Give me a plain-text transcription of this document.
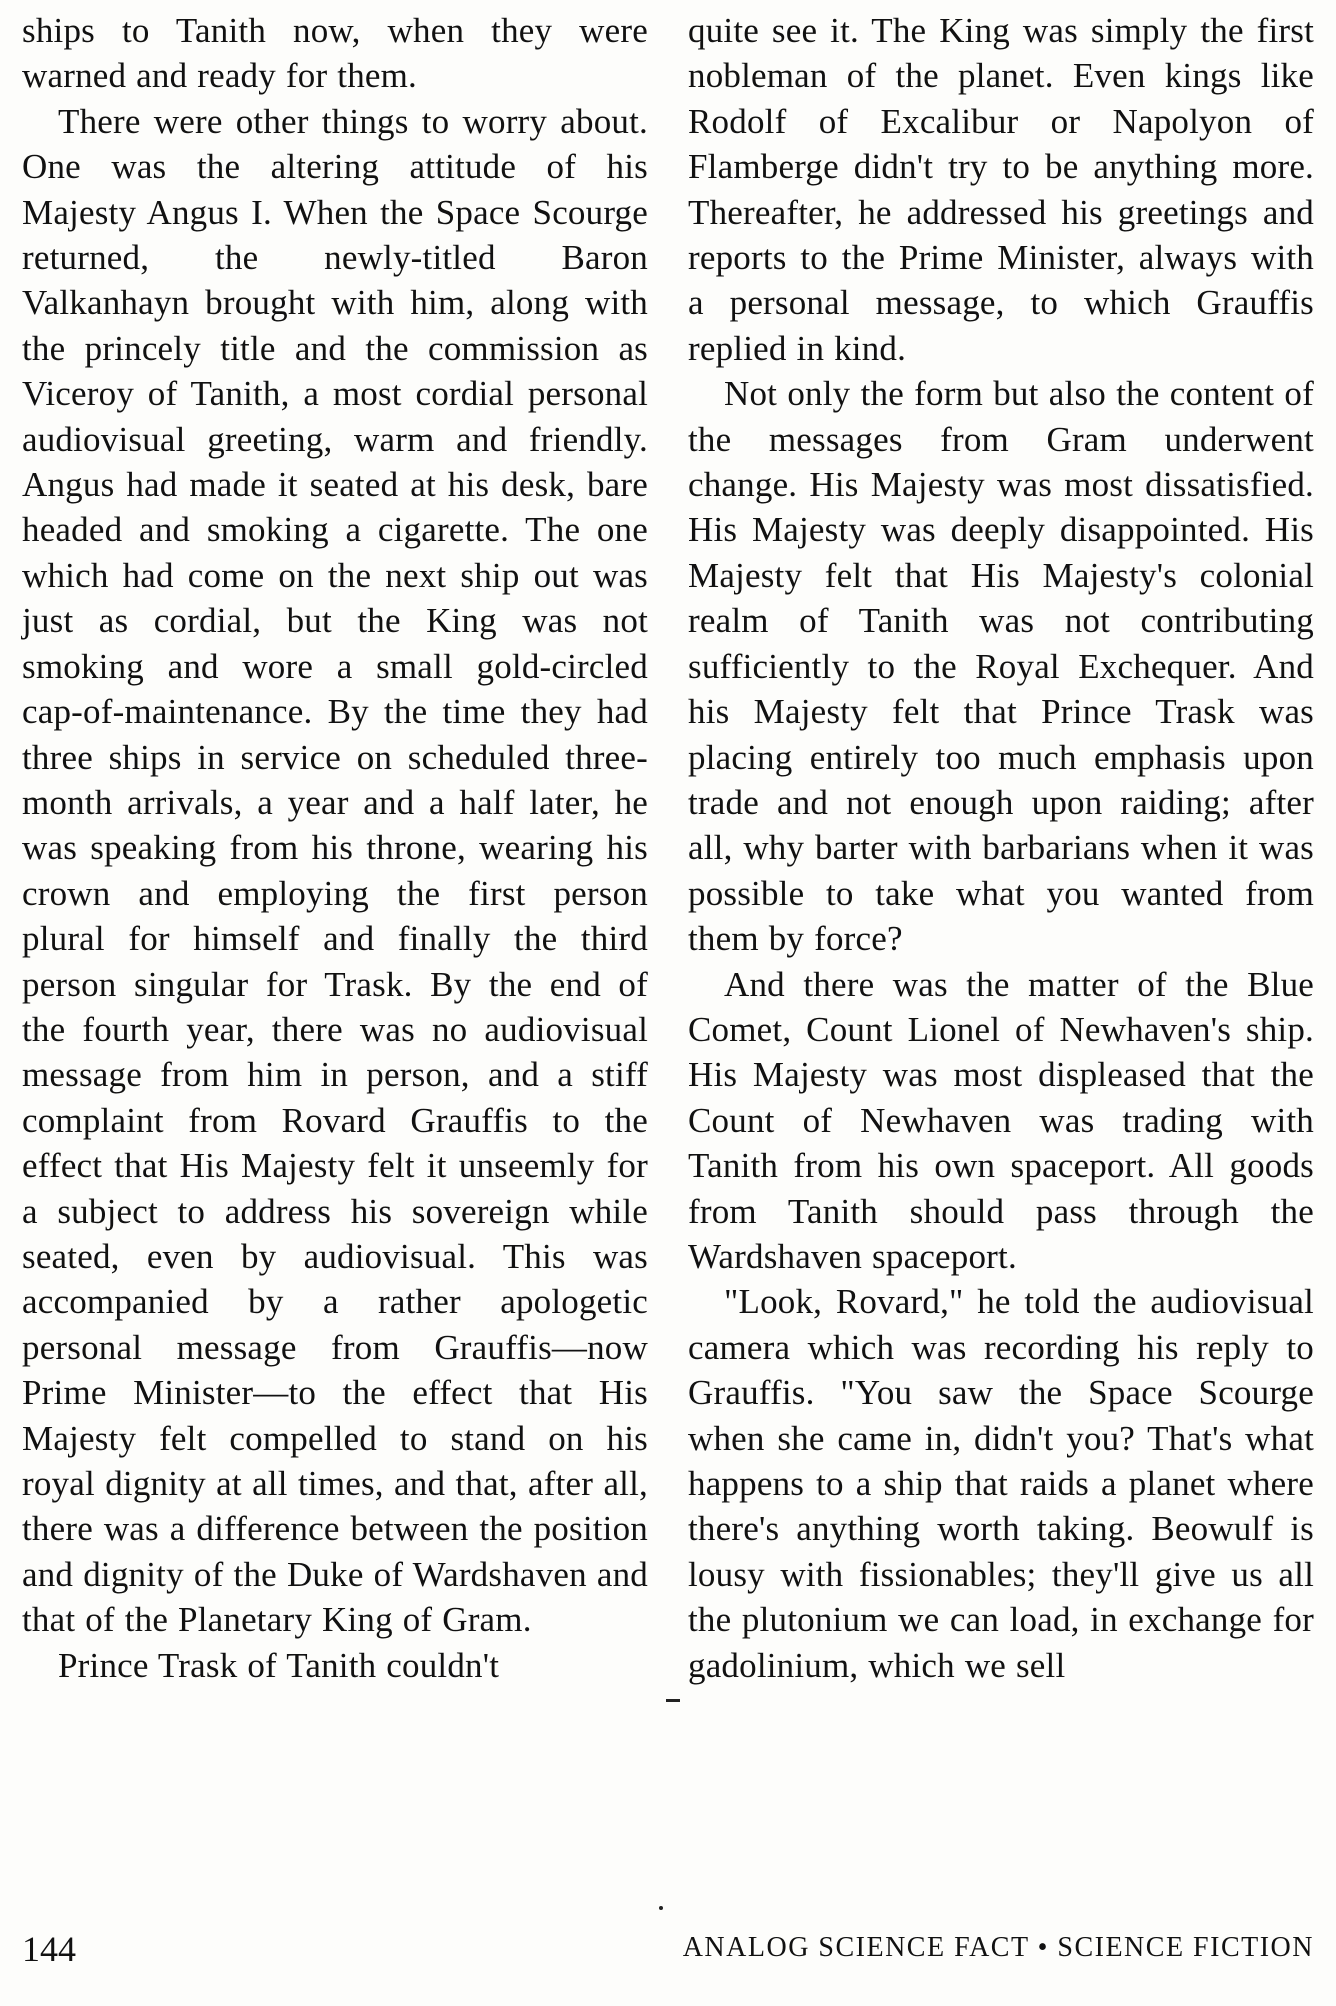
ships to Tanith now, when they were warned and ready for them.

There were other things to worry about. One was the altering attitude of his Majesty Angus I. When the Space Scourge returned, the newly-titled Baron Valkanhayn brought with him, along with the princely title and the commission as Viceroy of Tanith, a most cordial personal audiovisual greeting, warm and friendly. Angus had made it seated at his desk, bare headed and smoking a cigarette. The one which had come on the next ship out was just as cordial, but the King was not smoking and wore a small gold-circled cap-of-maintenance. By the time they had three ships in service on scheduled three-month arrivals, a year and a half later, he was speaking from his throne, wearing his crown and employing the first person plural for himself and finally the third person singular for Trask. By the end of the fourth year, there was no audiovisual message from him in person, and a stiff complaint from Rovard Grauffis to the effect that His Majesty felt it unseemly for a subject to address his sovereign while seated, even by audiovisual. This was accompanied by a rather apologetic personal message from Grauffis—now Prime Minister—to the effect that His Majesty felt compelled to stand on his royal dignity at all times, and that, after all, there was a difference between the position and dignity of the Duke of Wardshaven and that of the Planetary King of Gram.

Prince Trask of Tanith couldn't

quite see it. The King was simply the first nobleman of the planet. Even kings like Rodolf of Excalibur or Napolyon of Flamberge didn't try to be anything more. Thereafter, he addressed his greetings and reports to the Prime Minister, always with a personal message, to which Grauffis replied in kind.

Not only the form but also the content of the messages from Gram underwent change. His Majesty was most dissatisfied. His Majesty was deeply disappointed. His Majesty felt that His Majesty's colonial realm of Tanith was not contributing sufficiently to the Royal Exchequer. And his Majesty felt that Prince Trask was placing entirely too much emphasis upon trade and not enough upon raiding; after all, why barter with barbarians when it was possible to take what you wanted from them by force?

And there was the matter of the Blue Comet, Count Lionel of Newhaven's ship. His Majesty was most displeased that the Count of Newhaven was trading with Tanith from his own spaceport. All goods from Tanith should pass through the Wardshaven spaceport.

"Look, Rovard," he told the audiovisual camera which was recording his reply to Grauffis. "You saw the Space Scourge when she came in, didn't you? That's what happens to a ship that raids a planet where there's anything worth taking. Beowulf is lousy with fissionables; they'll give us all the plutonium we can load, in exchange for gadolinium, which we sell

144	ANALOG SCIENCE FACT • SCIENCE FICTION
